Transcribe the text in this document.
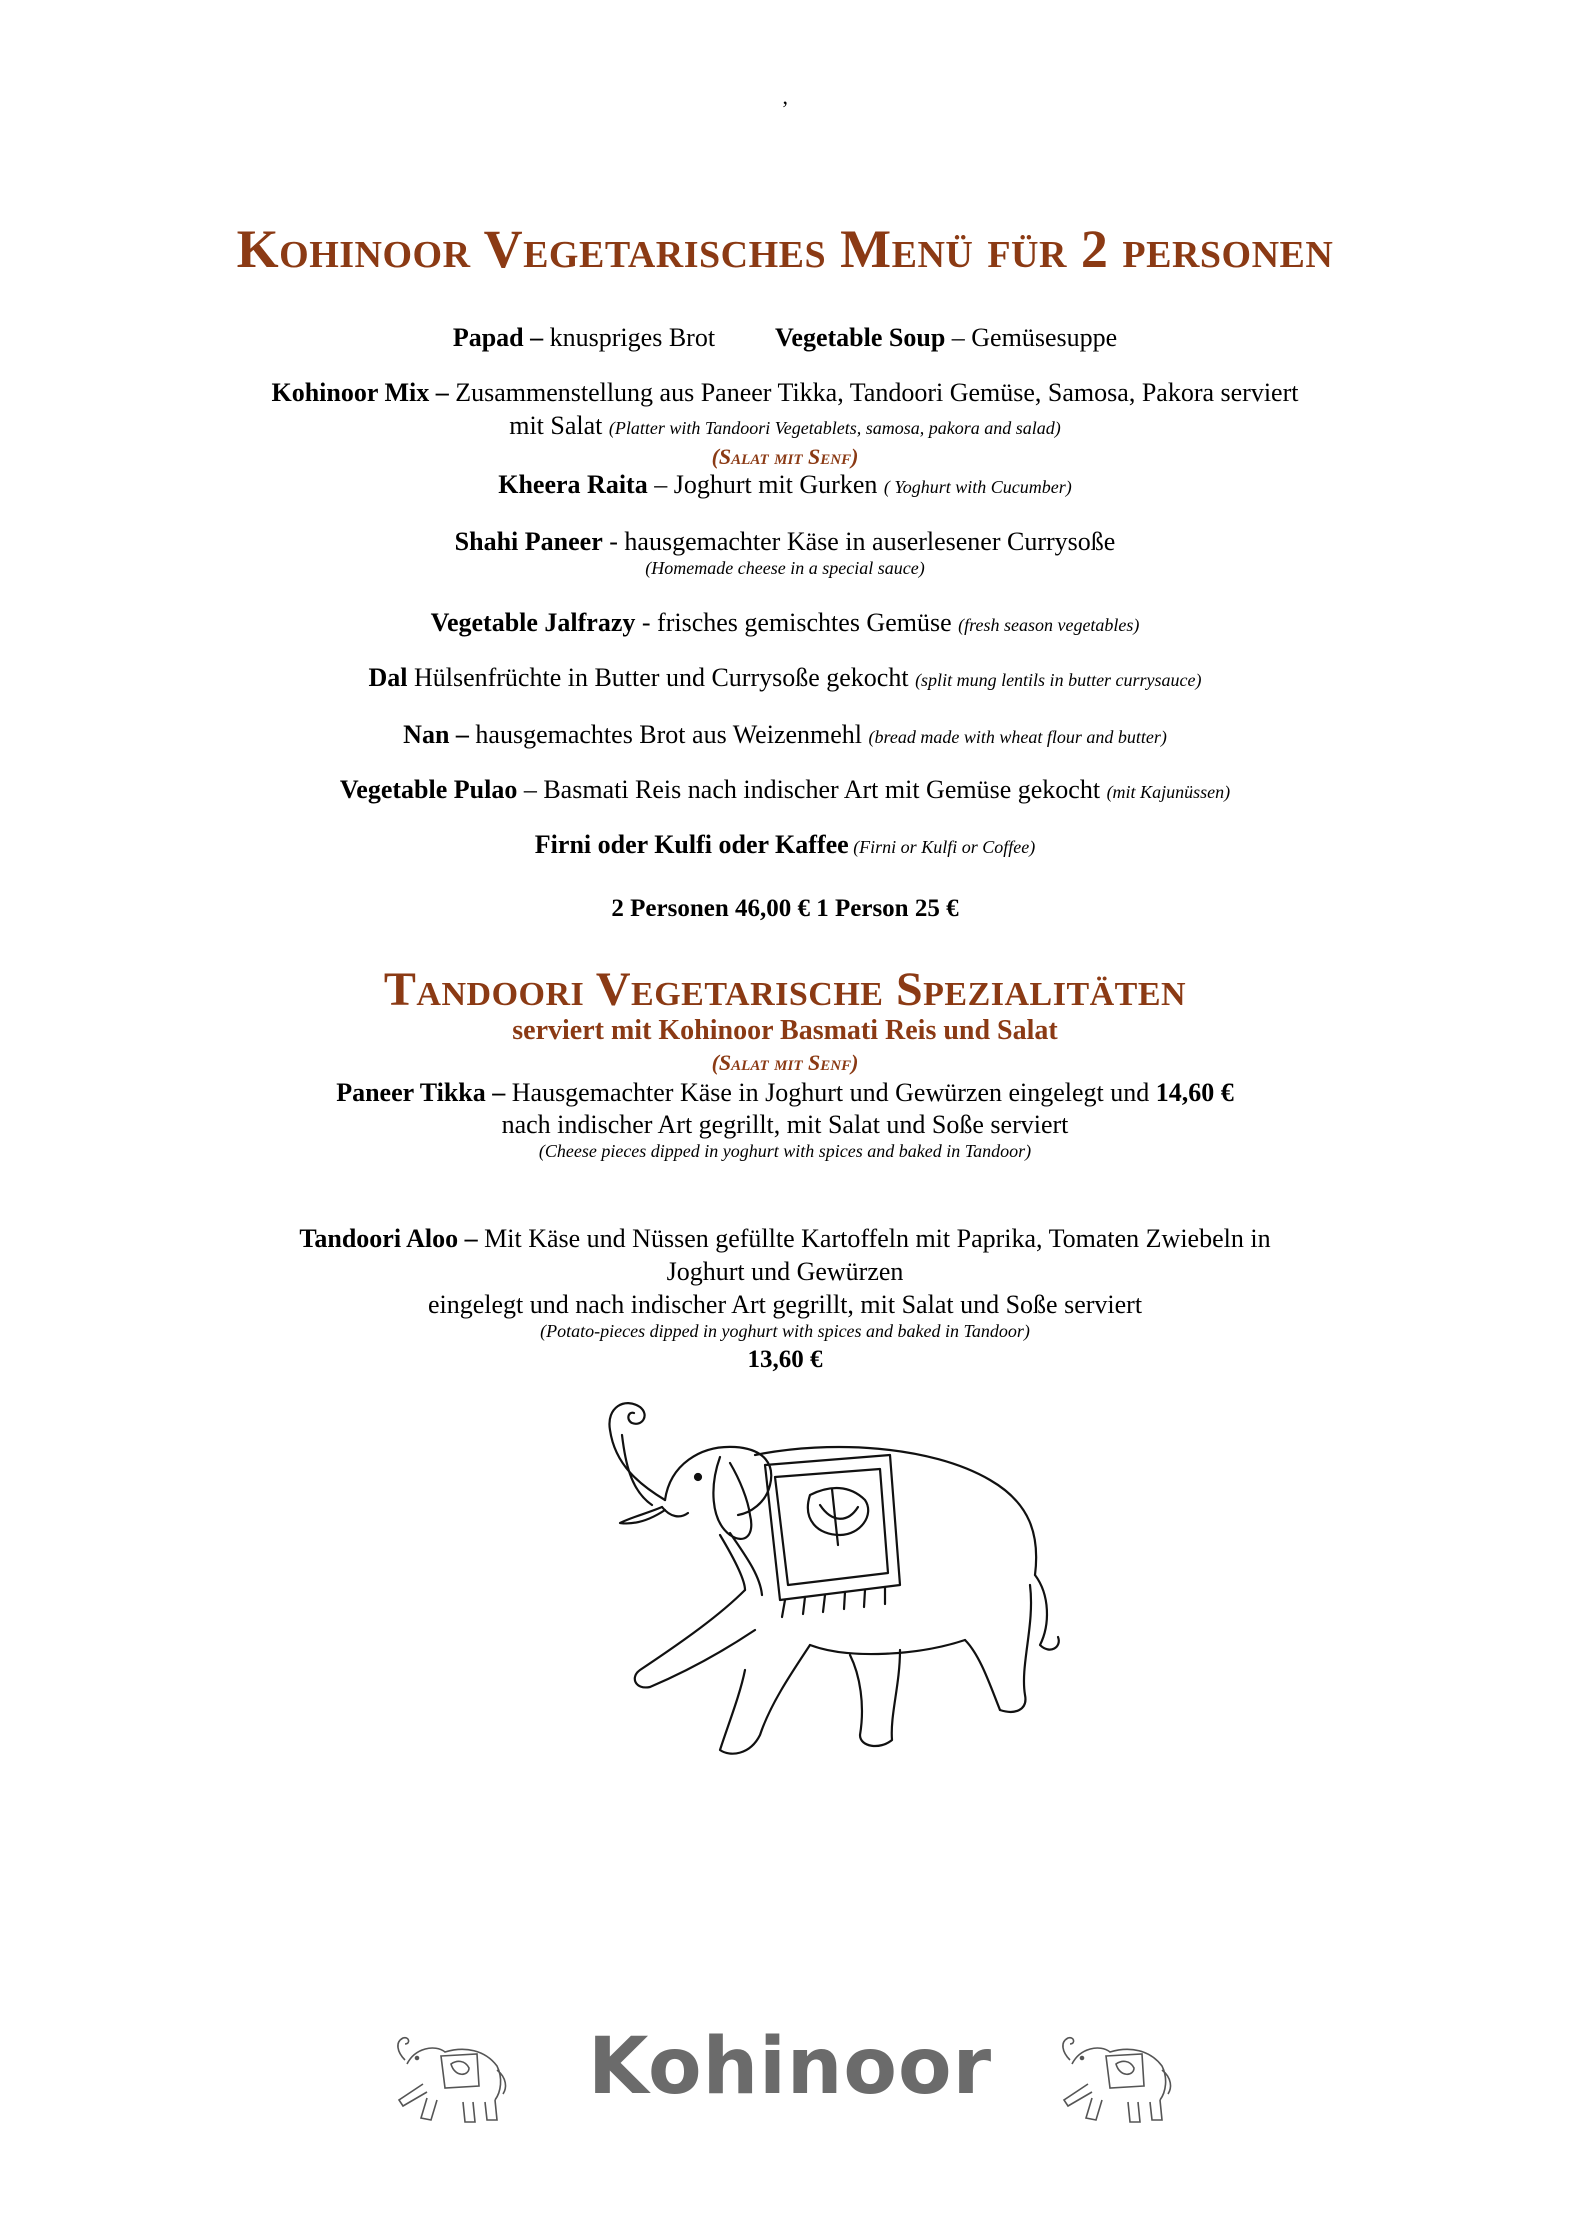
’
Kohinoor Vegetarisches Menü für 2 personen
Papad – knuspriges Brot Vegetable Soup – Gemüsesuppe
Kohinoor Mix – Zusammenstellung aus Paneer Tikka, Tandoori Gemüse, Samosa, Pakora serviert
mit Salat (Platter with Tandoori Vegetablets, samosa, pakora and salad)
(Salat mit Senf)
Kheera Raita – Joghurt mit Gurken ( Yoghurt with Cucumber)
Shahi Paneer - hausgemachter Käse in auserlesener Currysoße
(Homemade cheese in a special sauce)
Vegetable Jalfrazy - frisches gemischtes Gemüse (fresh season vegetables)
Dal Hülsenfrüchte in Butter und Currysoße gekocht (split mung lentils in butter currysauce)
Nan – hausgemachtes Brot aus Weizenmehl (bread made with wheat flour and butter)
Vegetable Pulao – Basmati Reis nach indischer Art mit Gemüse gekocht (mit Kajunüssen)
Firni oder Kulfi oder Kaffee (Firni or Kulfi or Coffee)
2 Personen 46,00 € 1 Person 25 €
Tandoori Vegetarische Spezialitäten
serviert mit Kohinoor Basmati Reis und Salat
(Salat mit Senf)
Paneer Tikka – Hausgemachter Käse in Joghurt und Gewürzen eingelegt und 14,60 €
nach indischer Art gegrillt, mit Salat und Soße serviert
(Cheese pieces dipped in yoghurt with spices and baked in Tandoor)
Tandoori Aloo – Mit Käse und Nüssen gefüllte Kartoffeln mit Paprika, Tomaten Zwiebeln in
Joghurt und Gewürzen
eingelegt und nach indischer Art gegrillt, mit Salat und Soße serviert
(Potato-pieces dipped in yoghurt with spices and baked in Tandoor)
13,60 €
Kohinoor
